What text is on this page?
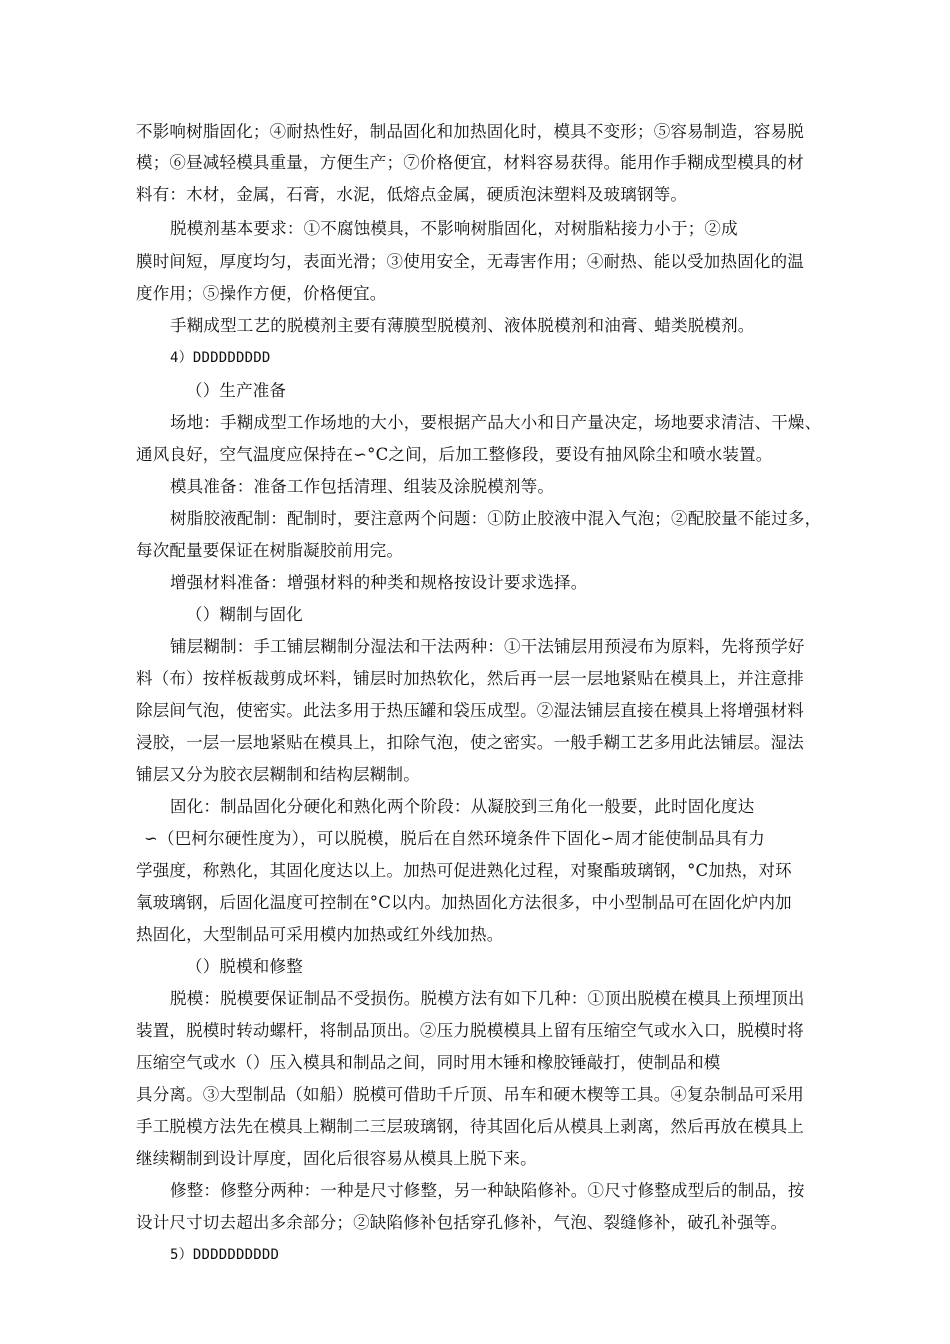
不影响树脂固化；④耐热性好，制品固化和加热固化时，模具不变形；⑤容易制造，容易脱
模；⑥昼减轻模具重量，方便生产；⑦价格便宜，材料容易获得。能用作手糊成型模具的材
料有：木材，金属，石膏，水泥，低熔点金属，硬质泡沫塑料及玻璃钢等。
脱模剂基本要求：①不腐蚀模具，不影响树脂固化，对树脂粘接力小于；②成
膜时间短，厚度均匀，表面光滑；③使用安全，无毒害作用；④耐热、能以受加热固化的温
度作用；⑤操作方便，价格便宜。
手糊成型工艺的脱模剂主要有薄膜型脱模剂、液体脱模剂和油膏、蜡类脱模剂。
4）DDDDDDDDD
（）生产准备
场地：手糊成型工作场地的大小，要根据产品大小和日产量决定，场地要求清洁、干燥、
通风良好，空气温度应保持在∽°C之间，后加工整修段，要设有抽风除尘和喷水装置。
模具准备：准备工作包括清理、组装及涂脱模剂等。
树脂胶液配制：配制时，要注意两个问题：①防止胶液中混入气泡；②配胶量不能过多，
每次配量要保证在树脂凝胶前用完。
增强材料准备：增强材料的种类和规格按设计要求选择。
（）糊制与固化
铺层糊制：手工铺层糊制分湿法和干法两种：①干法铺层用预浸布为原料，先将预学好
料（布）按样板裁剪成坏料，铺层时加热软化，然后再一层一层地紧贴在模具上，并注意排
除层间气泡，使密实。此法多用于热压罐和袋压成型。②湿法铺层直接在模具上将增强材料
浸胶，一层一层地紧贴在模具上，扣除气泡，使之密实。一般手糊工艺多用此法铺层。湿法
铺层又分为胶衣层糊制和结构层糊制。
固化：制品固化分硬化和熟化两个阶段：从凝胶到三角化一般要，此时固化度达
∽（巴柯尔硬性度为），可以脱模，脱后在自然环境条件下固化∽周才能使制品具有力
学强度，称熟化，其固化度达以上。加热可促进熟化过程，对聚酯玻璃钢，°C加热，对环
氧玻璃钢，后固化温度可控制在°C以内。加热固化方法很多，中小型制品可在固化炉内加
热固化，大型制品可采用模内加热或红外线加热。
（）脱模和修整
脱模：脱模要保证制品不受损伤。脱模方法有如下几种：①顶出脱模在模具上预埋顶出
装置，脱模时转动螺杆，将制品顶出。②压力脱模模具上留有压缩空气或水入口，脱模时将
压缩空气或水（）压入模具和制品之间，同时用木锤和橡胶锤敲打，使制品和模
具分离。③大型制品（如船）脱模可借助千斤顶、吊车和硬木楔等工具。④复杂制品可采用
手工脱模方法先在模具上糊制二三层玻璃钢，待其固化后从模具上剥离，然后再放在模具上
继续糊制到设计厚度，固化后很容易从模具上脱下来。
修整：修整分两种：一种是尺寸修整，另一种缺陷修补。①尺寸修整成型后的制品，按
设计尺寸切去超出多余部分；②缺陷修补包括穿孔修补，气泡、裂缝修补，破孔补强等。
5）DDDDDDDDDD
